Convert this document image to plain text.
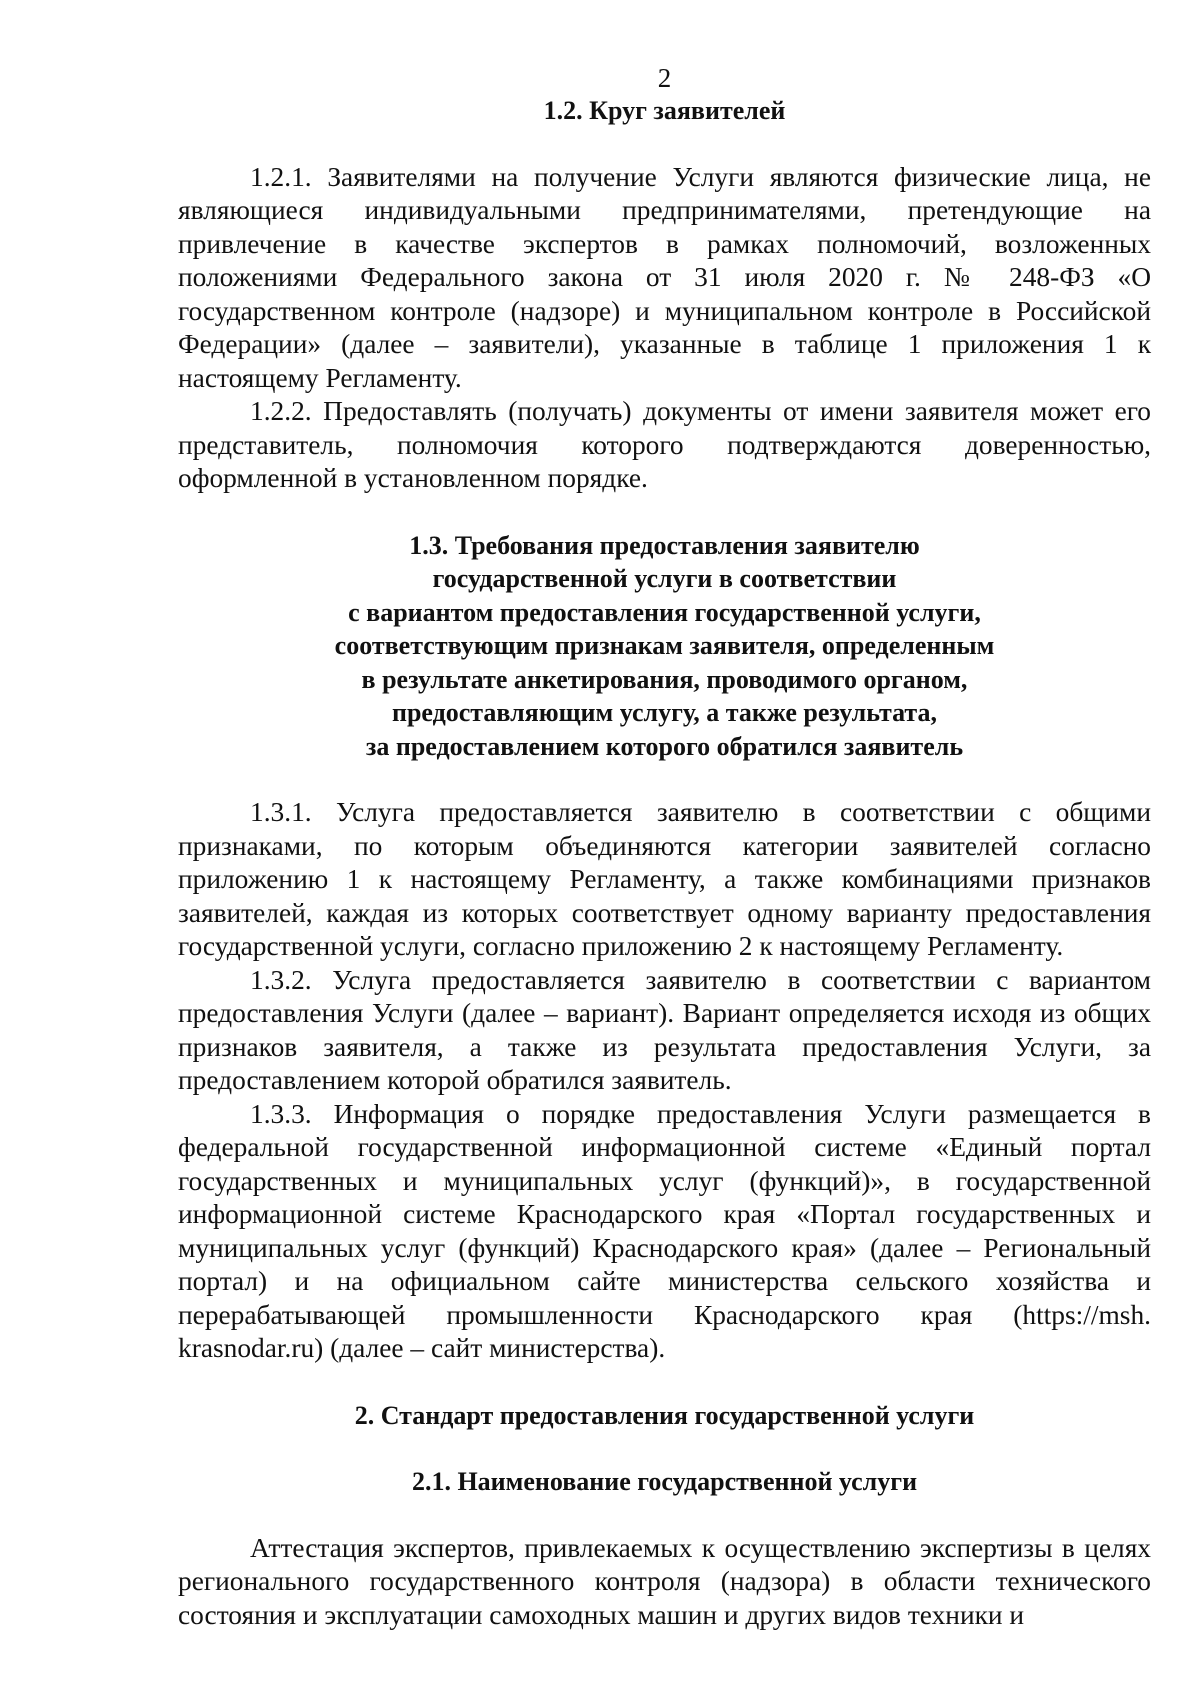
2

1.2. Круг заявителей

1.2.1. Заявителями на получение Услуги являются физические лица, не являющиеся индивидуальными предпринимателями, претендующие на привлечение в качестве экспертов в рамках полномочий, возложенных положениями Федерального закона от 31 июля 2020 г. № 248-ФЗ «О государственном контроле (надзоре) и муниципальном контроле в Российской Федерации» (далее – заявители), указанные в таблице 1 приложения 1 к настоящему Регламенту.

1.2.2. Предоставлять (получать) документы от имени заявителя может его представитель, полномочия которого подтверждаются доверенностью, оформленной в установленном порядке.

1.3. Требования предоставления заявителю
государственной услуги в соответствии
с вариантом предоставления государственной услуги,
соответствующим признакам заявителя, определенным
в результате анкетирования, проводимого органом,
предоставляющим услугу, а также результата,
за предоставлением которого обратился заявитель

1.3.1. Услуга предоставляется заявителю в соответствии с общими признаками, по которым объединяются категории заявителей согласно приложению 1 к настоящему Регламенту, а также комбинациями признаков заявителей, каждая из которых соответствует одному варианту предоставления государственной услуги, согласно приложению 2 к настоящему Регламенту.

1.3.2. Услуга предоставляется заявителю в соответствии с вариантом предоставления Услуги (далее – вариант). Вариант определяется исходя из общих признаков заявителя, а также из результата предоставления Услуги, за предоставлением которой обратился заявитель.

1.3.3. Информация о порядке предоставления Услуги размещается в федеральной государственной информационной системе «Единый портал государственных и муниципальных услуг (функций)», в государственной информационной системе Краснодарского края «Портал государственных и муниципальных услуг (функций) Краснодарского края» (далее – Региональный портал) и на официальном сайте министерства сельского хозяйства и перерабатывающей промышленности Краснодарского края (https://msh. krasnodar.ru) (далее – сайт министерства).

2. Стандарт предоставления государственной услуги
2.1. Наименование государственной услуги

Аттестация экспертов, привлекаемых к осуществлению экспертизы в целях регионального государственного контроля (надзора) в области технического состояния и эксплуатации самоходных машин и других видов техники и
